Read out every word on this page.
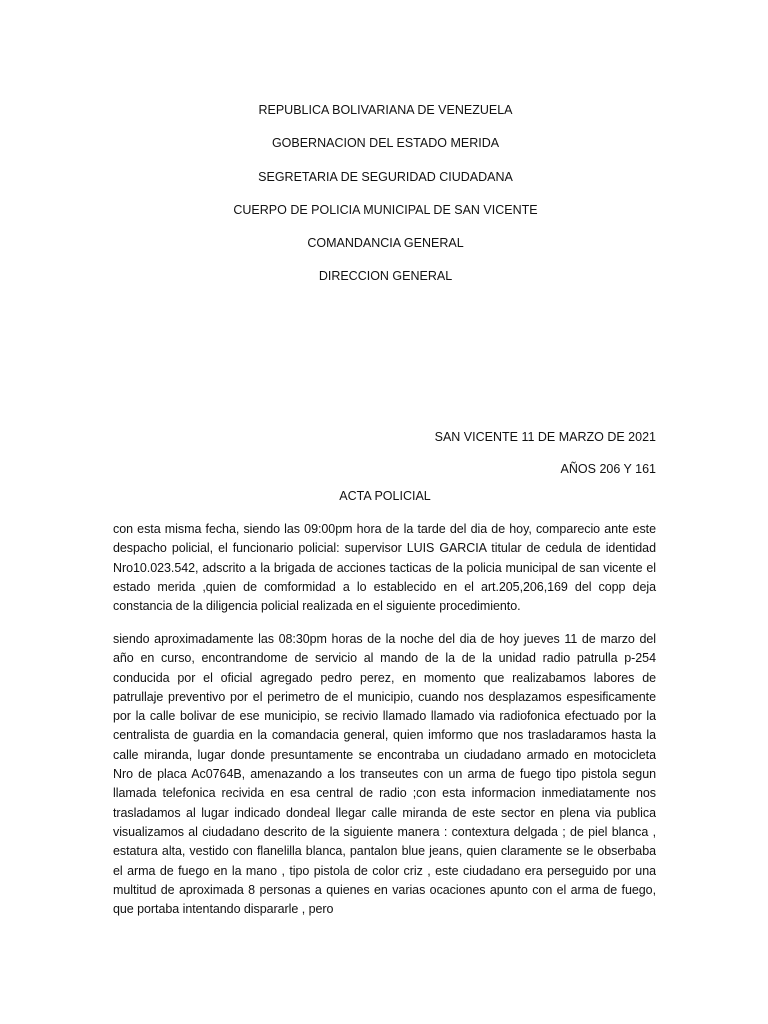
REPUBLICA BOLIVARIANA DE VENEZUELA

GOBERNACION DEL ESTADO MERIDA

SEGRETARIA DE SEGURIDAD CIUDADANA

CUERPO DE POLICIA MUNICIPAL DE SAN VICENTE

COMANDANCIA GENERAL

DIRECCION GENERAL

SAN VICENTE 11 DE MARZO DE 2021

AÑOS 206 Y 161

ACTA POLICIAL

con esta misma fecha, siendo las 09:00pm hora de la tarde del dia de hoy, comparecio ante este despacho policial, el funcionario policial: supervisor LUIS GARCIA titular de cedula de identidad Nro10.023.542, adscrito a la brigada de acciones tacticas de la policia municipal de san vicente el estado merida ,quien de comformidad a lo establecido en el art.205,206,169 del copp deja constancia de la diligencia policial realizada en el siguiente procedimiento.

siendo aproximadamente las 08:30pm horas de la noche del dia de hoy jueves 11 de marzo del año en curso, encontrandome de servicio al mando de la de la unidad radio patrulla p-254 conducida por el oficial agregado pedro perez, en momento que realizabamos labores de patrullaje preventivo por el perimetro de el municipio, cuando nos desplazamos espesificamente por la calle bolivar de ese municipio, se recivio llamado llamado via radiofonica efectuado por la centralista de guardia en la comandacia general, quien imformo que nos trasladaramos hasta la calle miranda, lugar donde presuntamente se encontraba un ciudadano armado en motocicleta Nro de placa Ac0764B, amenazando a los transeutes con un arma de fuego tipo pistola segun llamada telefonica recivida en esa central de radio ;con esta informacion inmediatamente nos trasladamos al lugar indicado dondeal llegar calle miranda de este sector en plena via publica visualizamos al ciudadano descrito de la siguiente manera : contextura delgada ; de piel blanca , estatura alta, vestido con flanelilla blanca, pantalon blue jeans, quien claramente se le obserbaba el arma de fuego en la mano , tipo pistola de color criz , este ciudadano era perseguido por una multitud de aproximada 8 personas a quienes en varias ocaciones apunto con el arma de fuego, que portaba intentando dispararle , pero
